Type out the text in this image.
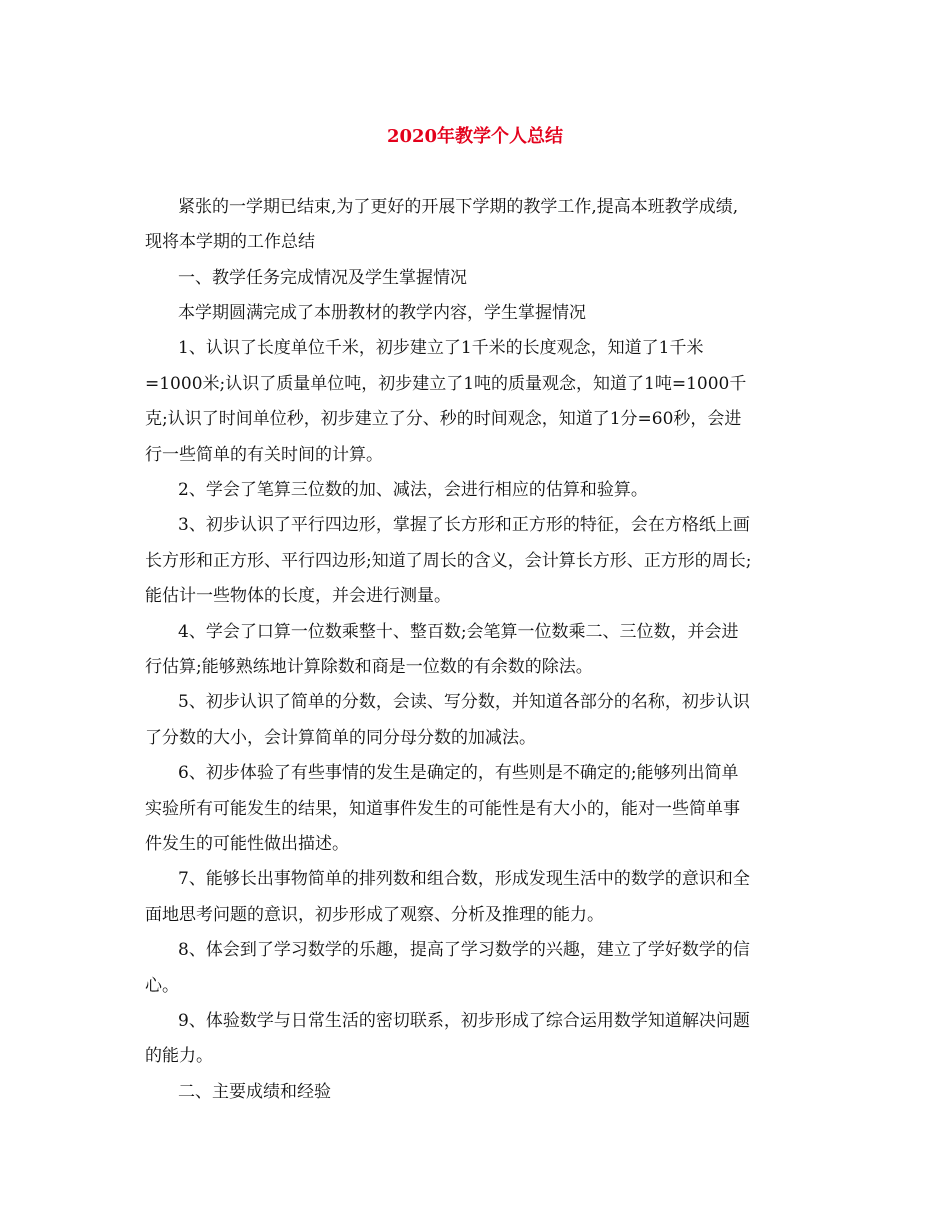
2020年教学个人总结
紧张的一学期已结束,为了更好的开展下学期的教学工作,提高本班教学成绩,
现将本学期的工作总结
一、教学任务完成情况及学生掌握情况
本学期圆满完成了本册教材的教学内容，学生掌握情况
1、认识了长度单位千米，初步建立了1千米的长度观念，知道了1千米
=1000米;认识了质量单位吨，初步建立了1吨的质量观念，知道了1吨=1000千
克;认识了时间单位秒，初步建立了分、秒的时间观念，知道了1分=60秒，会进
行一些简单的有关时间的计算。
2、学会了笔算三位数的加、减法，会进行相应的估算和验算。
3、初步认识了平行四边形，掌握了长方形和正方形的特征，会在方格纸上画
长方形和正方形、平行四边形;知道了周长的含义，会计算长方形、正方形的周长;
能估计一些物体的长度，并会进行测量。
4、学会了口算一位数乘整十、整百数;会笔算一位数乘二、三位数，并会进
行估算;能够熟练地计算除数和商是一位数的有余数的除法。
5、初步认识了简单的分数，会读、写分数，并知道各部分的名称，初步认识
了分数的大小，会计算简单的同分母分数的加减法。
6、初步体验了有些事情的发生是确定的，有些则是不确定的;能够列出简单
实验所有可能发生的结果，知道事件发生的可能性是有大小的，能对一些简单事
件发生的可能性做出描述。
7、能够长出事物简单的排列数和组合数，形成发现生活中的数学的意识和全
面地思考问题的意识，初步形成了观察、分析及推理的能力。
8、体会到了学习数学的乐趣，提高了学习数学的兴趣，建立了学好数学的信
心。
9、体验数学与日常生活的密切联系，初步形成了综合运用数学知道解决问题
的能力。
二、主要成绩和经验
